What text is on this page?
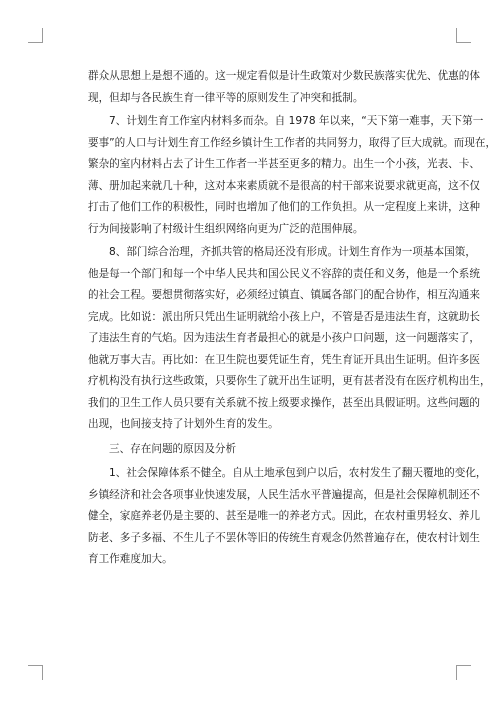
群众从思想上是想不通的。这一规定看似是计生政策对少数民族落实优先、优惠的体
现，但却与各民族生育一律平等的原则发生了冲突和抵制。
7、计划生育工作室内材料多而杂。自 1978 年以来，“天下第一难事，天下第一
要事”的人口与计划生育工作经乡镇计生工作者的共同努力，取得了巨大成就。而现在，
繁杂的室内材料占去了计生工作者一半甚至更多的精力。出生一个小孩，光表、卡、
薄、册加起来就几十种，这对本来素质就不是很高的村干部来说要求就更高，这不仅
打击了他们工作的积极性，同时也增加了他们的工作负担。从一定程度上来讲，这种
行为间接影响了村级计生组织网络向更为广泛的范围伸展。
8、部门综合治理，齐抓共管的格局还没有形成。计划生育作为一项基本国策，
他是每一个部门和每一个中华人民共和国公民义不容辞的责任和义务，他是一个系统
的社会工程。要想贯彻落实好，必须经过镇直、镇属各部门的配合协作，相互沟通来
完成。比如说：派出所只凭出生证明就给小孩上户，不管是否是违法生育，这就助长
了违法生育的气焰。因为违法生育者最担心的就是小孩户口问题，这一问题落实了，
他就万事大吉。再比如：在卫生院也要凭证生育，凭生育证开具出生证明。但许多医
疗机构没有执行这些政策，只要你生了就开出生证明，更有甚者没有在医疗机构出生，
我们的卫生工作人员只要有关系就不按上级要求操作，甚至出具假证明。这些问题的
出现，也间接支持了计划外生育的发生。
三、存在问题的原因及分析
1、社会保障体系不健全。自从土地承包到户以后，农村发生了翻天覆地的变化，
乡镇经济和社会各项事业快速发展，人民生活水平普遍提高，但是社会保障机制还不
健全，家庭养老仍是主要的、甚至是唯一的养老方式。因此，在农村重男轻女、养儿
防老、多子多福、不生儿子不罢休等旧的传统生育观念仍然普遍存在，使农村计划生
育工作难度加大。
